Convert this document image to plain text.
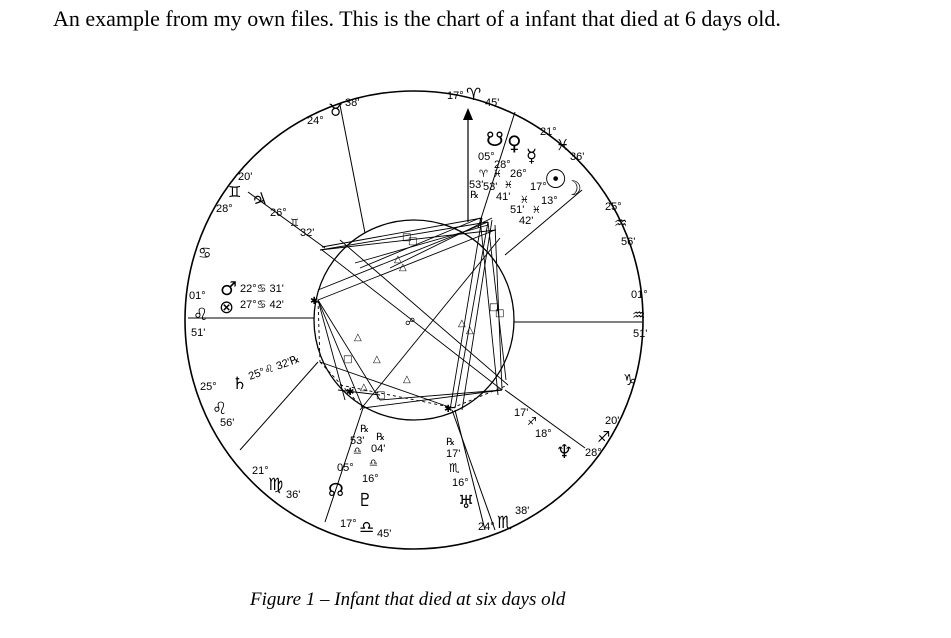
An example from my own files. This is the chart of a infant that died at 6 days old.
□
□
△
△
✱
☍
□
□
△
△
△
□ △
△
△
✱ □
✱
17° ♈ 45'
24° ♉ 38'
20'
♊
28°
♋
01°
♌
51'
25°
♌
56'
21°
♍ 36'
17° ♎ 45'
24° ♏
38'
20'
♐
28°
♑
01°
♒
51'
25°
♒
56'
21°
♓
36'
♃
26°
♊
32'
♂ 22°♋ 31'
⊗ 27°♋ 42'
♄
25°♌ 32'℞
℞
53'
♎
05°
☊
℞
04'
♎
16°
♇
℞
17'
♏
16°
♅
17'
♐
18°
♆
☋ ♀
☿
05°
28°
♈ ♓ 26°
53' 53' ♓
℞ 41'
☉
☽
17°
♓ 13°
51' ♓
42'
Figure 1 – Infant that died at six days old
